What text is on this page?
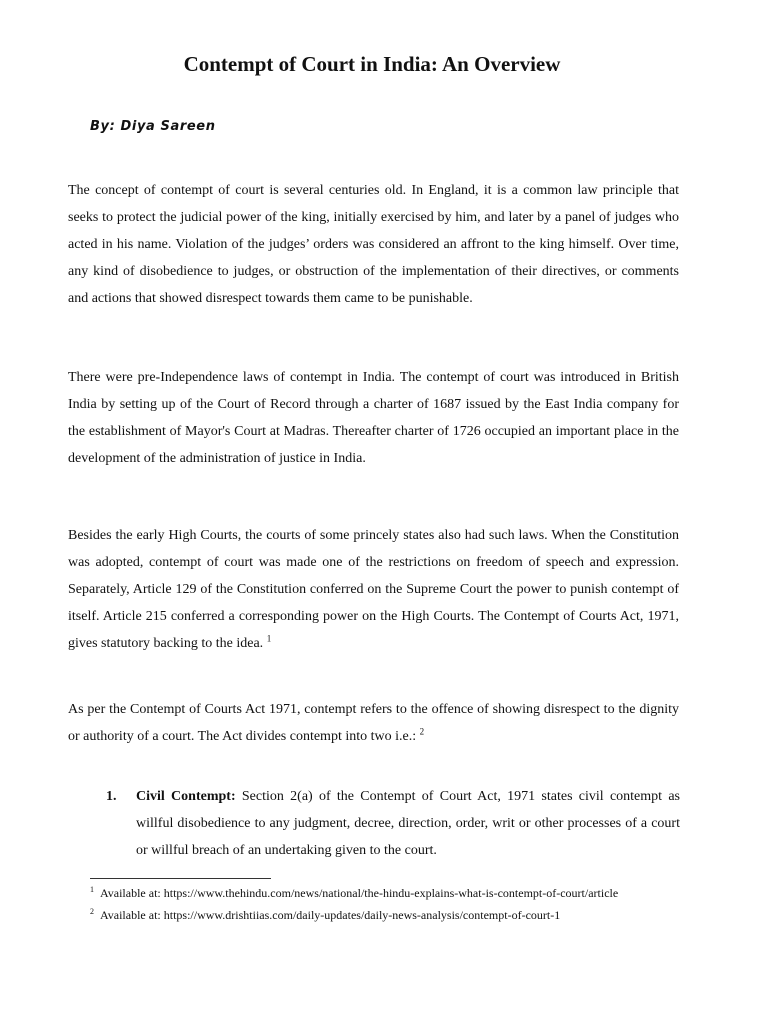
Contempt of Court in India: An Overview

By: Diya Sareen

The concept of contempt of court is several centuries old. In England, it is a common law principle that seeks to protect the judicial power of the king, initially exercised by him, and later by a panel of judges who acted in his name. Violation of the judges’ orders was considered an affront to the king himself. Over time, any kind of disobedience to judges, or obstruction of the implementation of their directives, or comments and actions that showed disrespect towards them came to be punishable.

There were pre-Independence laws of contempt in India. The contempt of court was introduced in British India by setting up of the Court of Record through a charter of 1687 issued by the East India company for the establishment of Mayor's Court at Madras. Thereafter charter of 1726 occupied an important place in the development of the administration of justice in India.

Besides the early High Courts, the courts of some princely states also had such laws. When the Constitution was adopted, contempt of court was made one of the restrictions on freedom of speech and expression. Separately, Article 129 of the Constitution conferred on the Supreme Court the power to punish contempt of itself. Article 215 conferred a corresponding power on the High Courts. The Contempt of Courts Act, 1971, gives statutory backing to the idea. $^1$

As per the Contempt of Courts Act 1971, contempt refers to the offence of showing disrespect to the dignity or authority of a court. The Act divides contempt into two i.e.: $^2$

1. Civil Contempt: Section 2(a) of the Contempt of Court Act, 1971 states civil contempt as willful disobedience to any judgment, decree, direction, order, writ or other processes of a court or willful breach of an undertaking given to the court.

$^1$ Available at: https://www.thehindu.com/news/national/the-hindu-explains-what-is-contempt-of-court/article

$^2$ Available at: https://www.drishtiias.com/daily-updates/daily-news-analysis/contempt-of-court-1
